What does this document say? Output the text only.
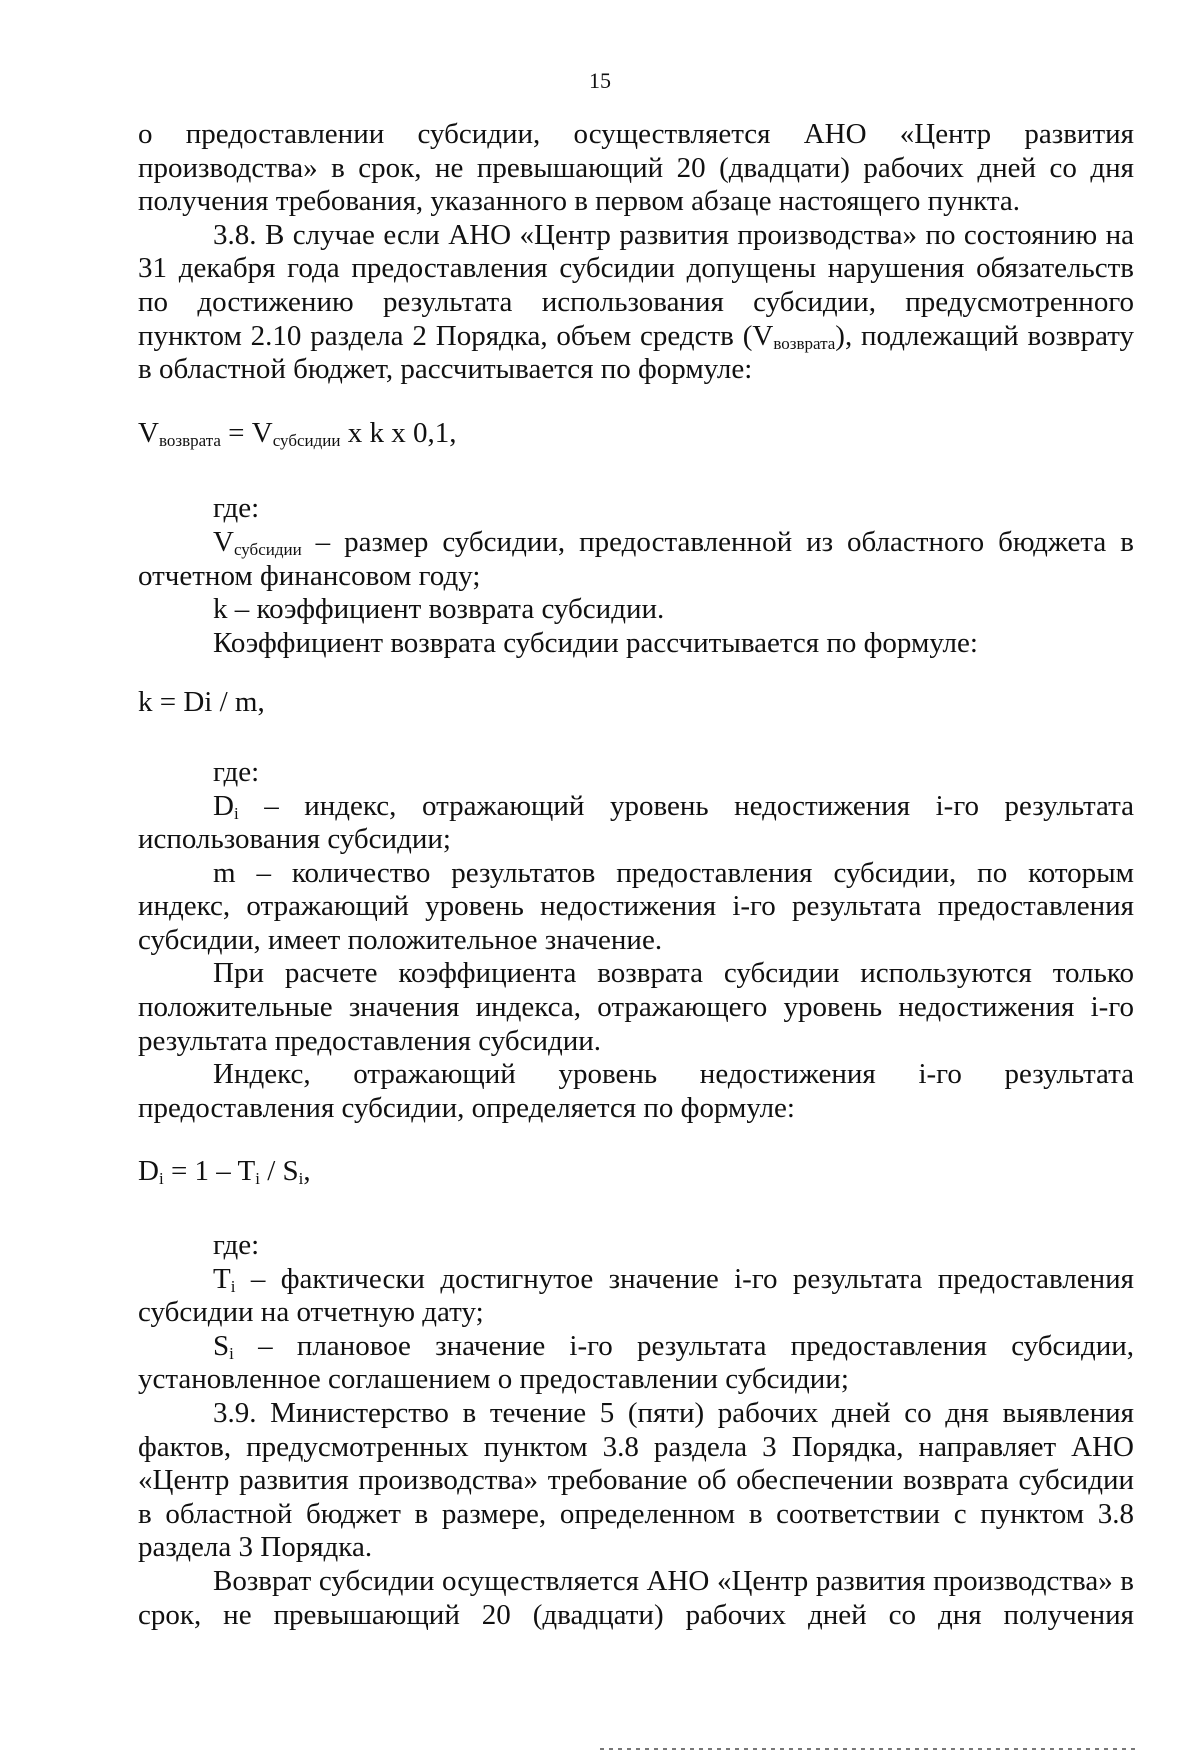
15

о предоставлении субсидии, осуществляется АНО «Центр развития

производства» в срок, не превышающий 20 (двадцати) рабочих дней со дня получения требования, указанного в первом абзаце настоящего пункта.

3.8. В случае если АНО «Центр развития производства» по состоянию на 31 декабря года предоставления субсидии допущены нарушения обязательств по достижению результата использования субсидии, предусмотренного пунктом 2.10 раздела 2 Порядка, объем средств $(V_{возврата})$, подлежащий возврату в областной бюджет, рассчитывается по формуле:

$V_{возврата} = V_{субсидии}$ x k x 0,1,

где:

$V_{субсидии}$ – размер субсидии, предоставленной из областного бюджета в отчетном финансовом году;

k – коэффициент возврата субсидии.

Коэффициент возврата субсидии рассчитывается по формуле:

k = Di / m,

где:

$D_i$ – индекс, отражающий уровень недостижения i-го результата использования субсидии;

m – количество результатов предоставления субсидии, по которым индекс, отражающий уровень недостижения i-го результата предоставления субсидии, имеет положительное значение.

При расчете коэффициента возврата субсидии используются только положительные значения индекса, отражающего уровень недостижения i-го результата предоставления субсидии.

Индекс, отражающий уровень недостижения i-го результата предоставления субсидии, определяется по формуле:

$D_i = 1 - T_i / S_i$,

где:

$T_i$ – фактически достигнутое значение i-го результата предоставления субсидии на отчетную дату;

$S_i$ – плановое значение i-го результата предоставления субсидии, установленное соглашением о предоставлении субсидии;

3.9. Министерство в течение 5 (пяти) рабочих дней со дня выявления фактов, предусмотренных пунктом 3.8 раздела 3 Порядка, направляет АНО «Центр развития производства» требование об обеспечении возврата субсидии в областной бюджет в размере, определенном в соответствии с пунктом 3.8 раздела 3 Порядка.

Возврат субсидии осуществляется АНО «Центр развития производства» в срок, не превышающий 20 (двадцати) рабочих дней со дня получения
